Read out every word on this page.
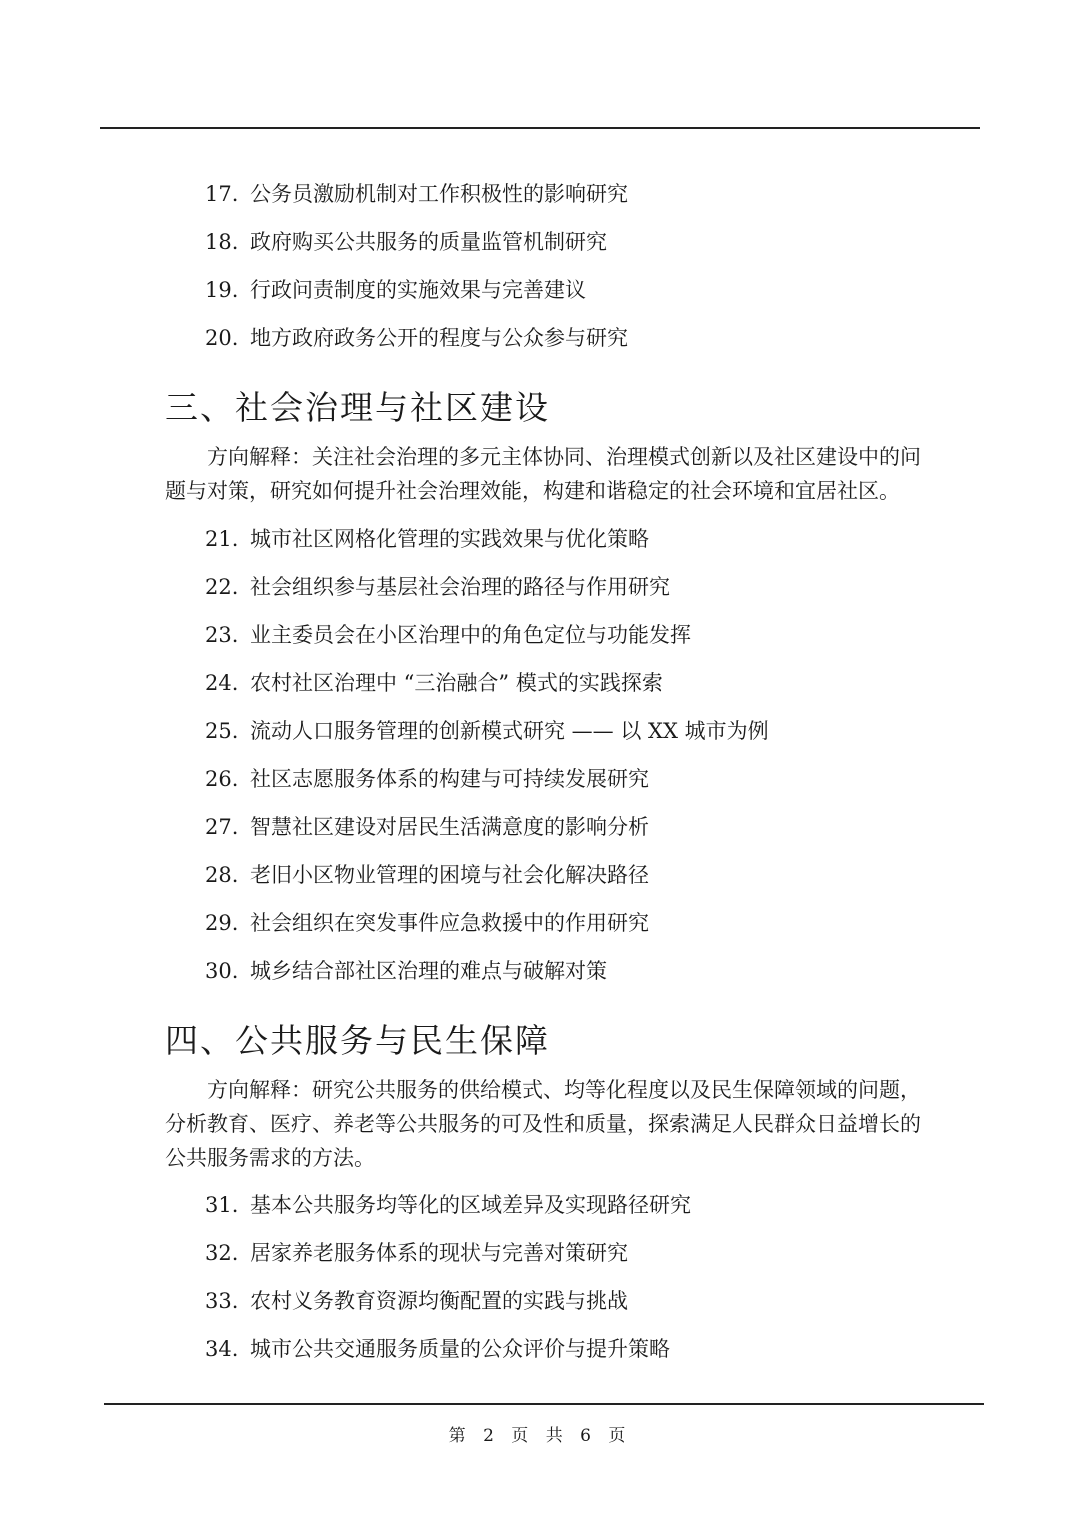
17. 公务员激励机制对工作积极性的影响研究
18. 政府购买公共服务的质量监管机制研究
19. 行政问责制度的实施效果与完善建议
20. 地方政府政务公开的程度与公众参与研究
三、社会治理与社区建设
方向解释：关注社会治理的多元主体协同、治理模式创新以及社区建设中的问题与对策，研究如何提升社会治理效能，构建和谐稳定的社会环境和宜居社区。
21. 城市社区网格化管理的实践效果与优化策略
22. 社会组织参与基层社会治理的路径与作用研究
23. 业主委员会在小区治理中的角色定位与功能发挥
24. 农村社区治理中 “三治融合” 模式的实践探索
25. 流动人口服务管理的创新模式研究 —— 以 XX 城市为例
26. 社区志愿服务体系的构建与可持续发展研究
27. 智慧社区建设对居民生活满意度的影响分析
28. 老旧小区物业管理的困境与社会化解决路径
29. 社会组织在突发事件应急救援中的作用研究
30. 城乡结合部社区治理的难点与破解对策
四、公共服务与民生保障
方向解释：研究公共服务的供给模式、均等化程度以及民生保障领域的问题，分析教育、医疗、养老等公共服务的可及性和质量，探索满足人民群众日益增长的公共服务需求的方法。
31. 基本公共服务均等化的区域差异及实现路径研究
32. 居家养老服务体系的现状与完善对策研究
33. 农村义务教育资源均衡配置的实践与挑战
34. 城市公共交通服务质量的公众评价与提升策略
第 2 页 共 6 页
